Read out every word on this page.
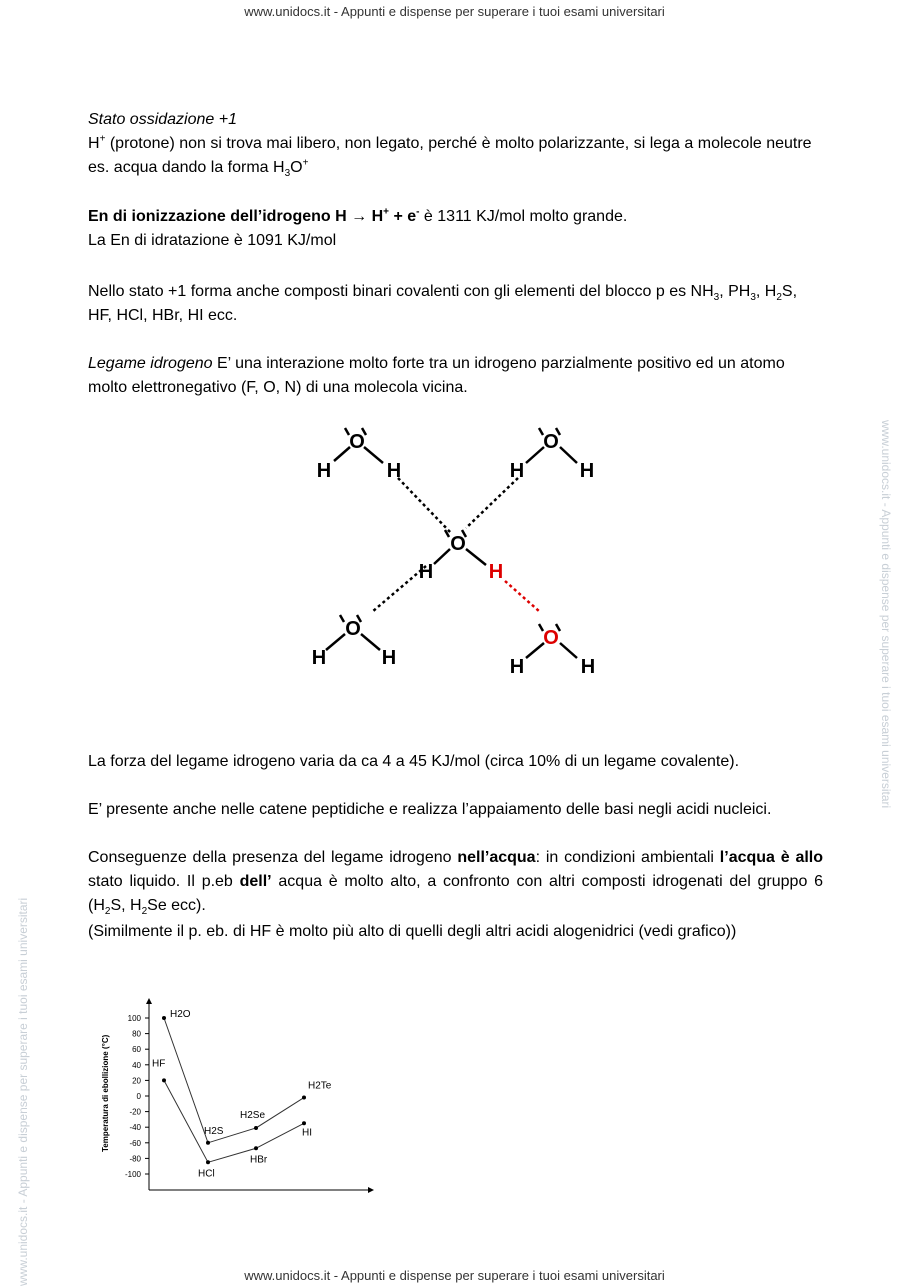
www.unidocs.it - Appunti e dispense per superare i tuoi esami universitari
www.unidocs.it - Appunti e dispense per superare i tuoi esami universitari
www.unidocs.it - Appunti e dispense per superare i tuoi esami universitari
www.unidocs.it - Appunti e dispense per superare i tuoi esami universitari
Stato ossidazione +1
H+ (protone) non si trova mai libero, non legato, perché è molto polarizzante, si lega a molecole neutre es. acqua dando la forma $H_3O^+$
En di ionizzazione dell’idrogeno H → H+ + e- è 1311 KJ/mol molto grande.
La En di idratazione è 1091 KJ/mol
Nello stato +1 forma anche composti binari covalenti con gli elementi del blocco p es $NH_3$, $PH_3$, $H_2S$, HF, HCl, HBr, HI ecc.
Legame idrogeno E’ una interazione molto forte tra un idrogeno parzialmente positivo ed un atomo molto elettronegativo (F, O, N) di una molecola vicina.
O
H	H
O
H	H
O
H	H
O
H	H
O
H	H
La forza del legame idrogeno varia da ca 4 a 45 KJ/mol (circa 10% di un legame covalente).
E’ presente anche nelle catene peptidiche e realizza l’appaiamento delle basi negli acidi nucleici.
Conseguenze della presenza del legame idrogeno nell’acqua: in condizioni ambientali l’acqua è allo stato liquido. Il p.eb dell’ acqua è molto alto, a confronto con altri composti idrogenati del gruppo 6 ($H_2S$, $H_2Se$ ecc).
(Similmente il p. eb. di HF è molto più alto di quelli degli altri acidi alogenidrici (vedi grafico))
Temperatura di ebollizione (°C)
100
80
60
40
20
0
-20
-40
-60
-80
-100
H2O
H2S
H2Se
H2Te
HF
HCl
HBr
HI
